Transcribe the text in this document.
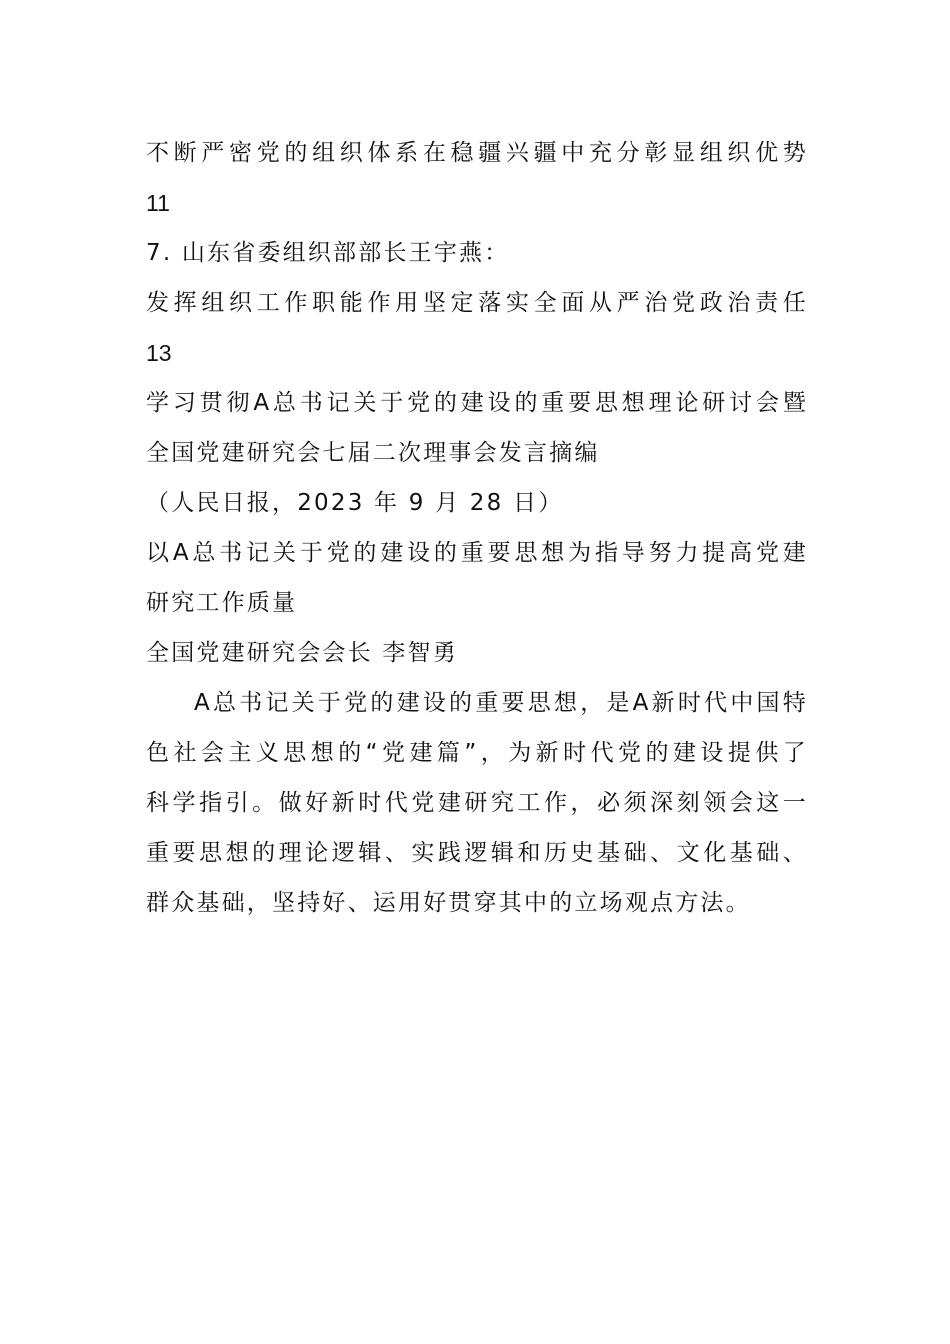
不断严密党的组织体系在稳疆兴疆中充分彰显组织优势

11

7. 山东省委组织部部长王宇燕：

发挥组织工作职能作用坚定落实全面从严治党政治责任

13

学习贯彻A总书记关于党的建设的重要思想理论研讨会暨

全国党建研究会七届二次理事会发言摘编

（人民日报，2023 年 9 月 28 日）

以A总书记关于党的建设的重要思想为指导努力提高党建

研究工作质量

全国党建研究会会长 李智勇

A总书记关于党的建设的重要思想，是A新时代中国特

色社会主义思想的“党建篇”，为新时代党的建设提供了

科学指引。做好新时代党建研究工作，必须深刻领会这一

重要思想的理论逻辑、实践逻辑和历史基础、文化基础、

群众基础，坚持好、运用好贯穿其中的立场观点方法。
